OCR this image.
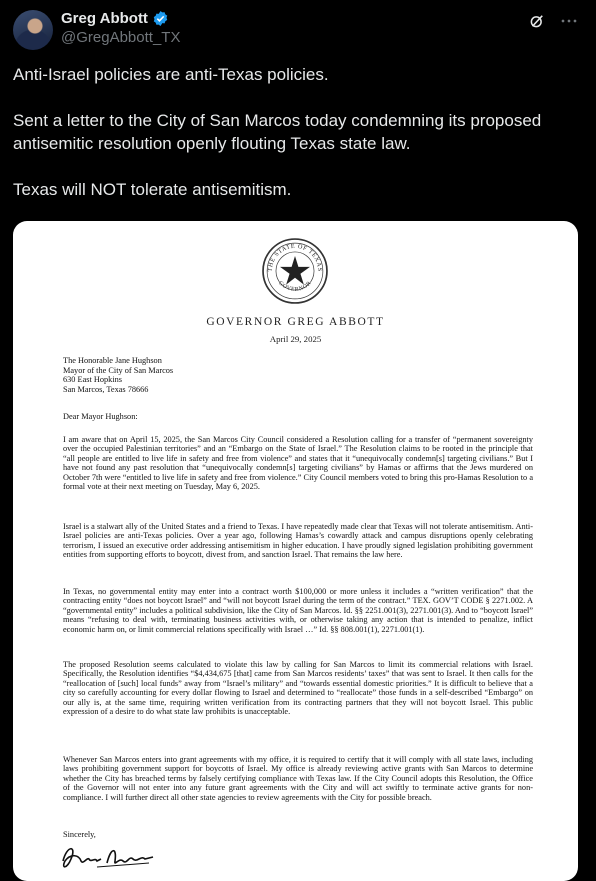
Greg Abbott
@GregAbbott_TX

Anti-Israel policies are anti-Texas policies.

Sent a letter to the City of San Marcos today condemning its proposed antisemitic resolution openly flouting Texas state law.

Texas will NOT tolerate antisemitism.

THE STATE OF TEXAS
GOVERNOR
GOVERNOR GREG ABBOTT
April 29, 2025
The Honorable Jane Hughson
Mayor of the City of San Marcos
630 East Hopkins
San Marcos, Texas 78666
Dear Mayor Hughson:
I am aware that on April 15, 2025, the San Marcos City Council considered a Resolution calling for a transfer of “permanent sovereignty over the occupied Palestinian territories” and an “Embargo on the State of Israel.” The Resolution claims to be rooted in the principle that “all people are entitled to live life in safety and free from violence” and states that it “unequivocally condemn[s] targeting civilians.” But I have not found any past resolution that “unequivocally condemn[s] targeting civilians” by Hamas or affirms that the Jews murdered on October 7th were “entitled to live life in safety and free from violence.” City Council members voted to bring this pro-Hamas Resolution to a formal vote at their next meeting on Tuesday, May 6, 2025.
Israel is a stalwart ally of the United States and a friend to Texas. I have repeatedly made clear that Texas will not tolerate antisemitism. Anti-Israel policies are anti-Texas policies. Over a year ago, following Hamas’s cowardly attack and campus disruptions openly celebrating terrorism, I issued an executive order addressing antisemitism in higher education. I have proudly signed legislation prohibiting government entities from supporting efforts to boycott, divest from, and sanction Israel. That remains the law here.
In Texas, no governmental entity may enter into a contract worth $100,000 or more unless it includes a “written verification” that the contracting entity “does not boycott Israel” and “will not boycott Israel during the term of the contract.” TEX. GOV’T CODE § 2271.002. A “governmental entity” includes a political subdivision, like the City of San Marcos. Id. §§ 2251.001(3), 2271.001(3). And to “boycott Israel” means “refusing to deal with, terminating business activities with, or otherwise taking any action that is intended to penalize, inflict economic harm on, or limit commercial relations specifically with Israel …” Id. §§ 808.001(1), 2271.001(1).
The proposed Resolution seems calculated to violate this law by calling for San Marcos to limit its commercial relations with Israel. Specifically, the Resolution identifies “$4,434,675 [that] came from San Marcos residents’ taxes” that was sent to Israel. It then calls for the “reallocation of [such] local funds” away from “Israel’s military” and “towards essential domestic priorities.” It is difficult to believe that a city so carefully accounting for every dollar flowing to Israel and determined to “reallocate” those funds in a self-described “Embargo” on our ally is, at the same time, requiring written verification from its contracting partners that they will not boycott Israel. This public expression of a desire to do what state law prohibits is unacceptable.
Whenever San Marcos enters into grant agreements with my office, it is required to certify that it will comply with all state laws, including laws prohibiting government support for boycotts of Israel. My office is already reviewing active grants with San Marcos to determine whether the City has breached terms by falsely certifying compliance with Texas law. If the City Council adopts this Resolution, the Office of the Governor will not enter into any future grant agreements with the City and will act swiftly to terminate active grants for non-compliance. I will further direct all other state agencies to review agreements with the City for possible breach.
Sincerely,
